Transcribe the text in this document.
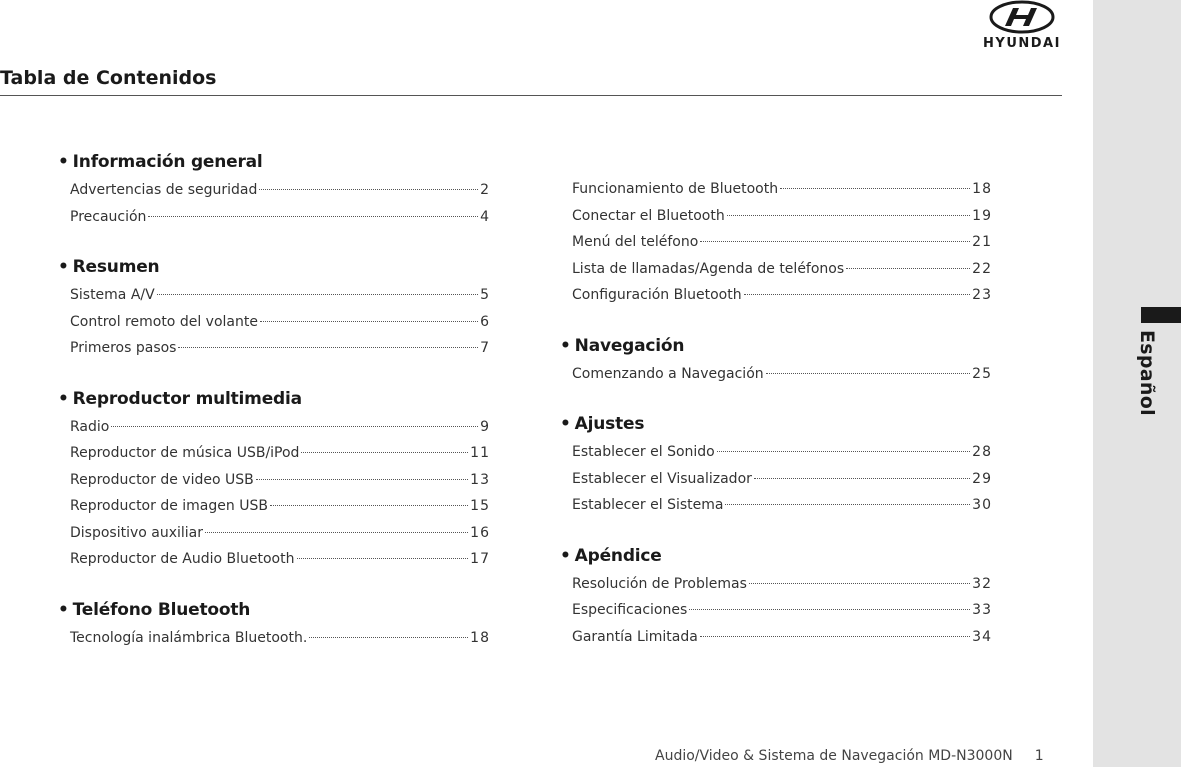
Español
HYUNDAI
Tabla de Contenidos
• Información general
Advertencias de seguridad	2
Precaución	4
• Resumen
Sistema A/V	5
Control remoto del volante	6
Primeros pasos	7
• Reproductor multimedia
Radio	9
Reproductor de música USB/iPod	11
Reproductor de video USB	13
Reproductor de imagen USB	15
Dispositivo auxiliar	16
Reproductor de Audio Bluetooth	17
• Teléfono Bluetooth
Tecnología inalámbrica Bluetooth.	18
Funcionamiento de Bluetooth	18
Conectar el Bluetooth	19
Menú del teléfono	21
Lista de llamadas/Agenda de teléfonos	22
Configuración Bluetooth	23
• Navegación
Comenzando a Navegación	25
• Ajustes
Establecer el Sonido	28
Establecer el Visualizador	29
Establecer el Sistema	30
• Apéndice
Resolución de Problemas	32
Especificaciones	33
Garantía Limitada	34
Audio/Video & Sistema de Navegación MD-N3000N 1
